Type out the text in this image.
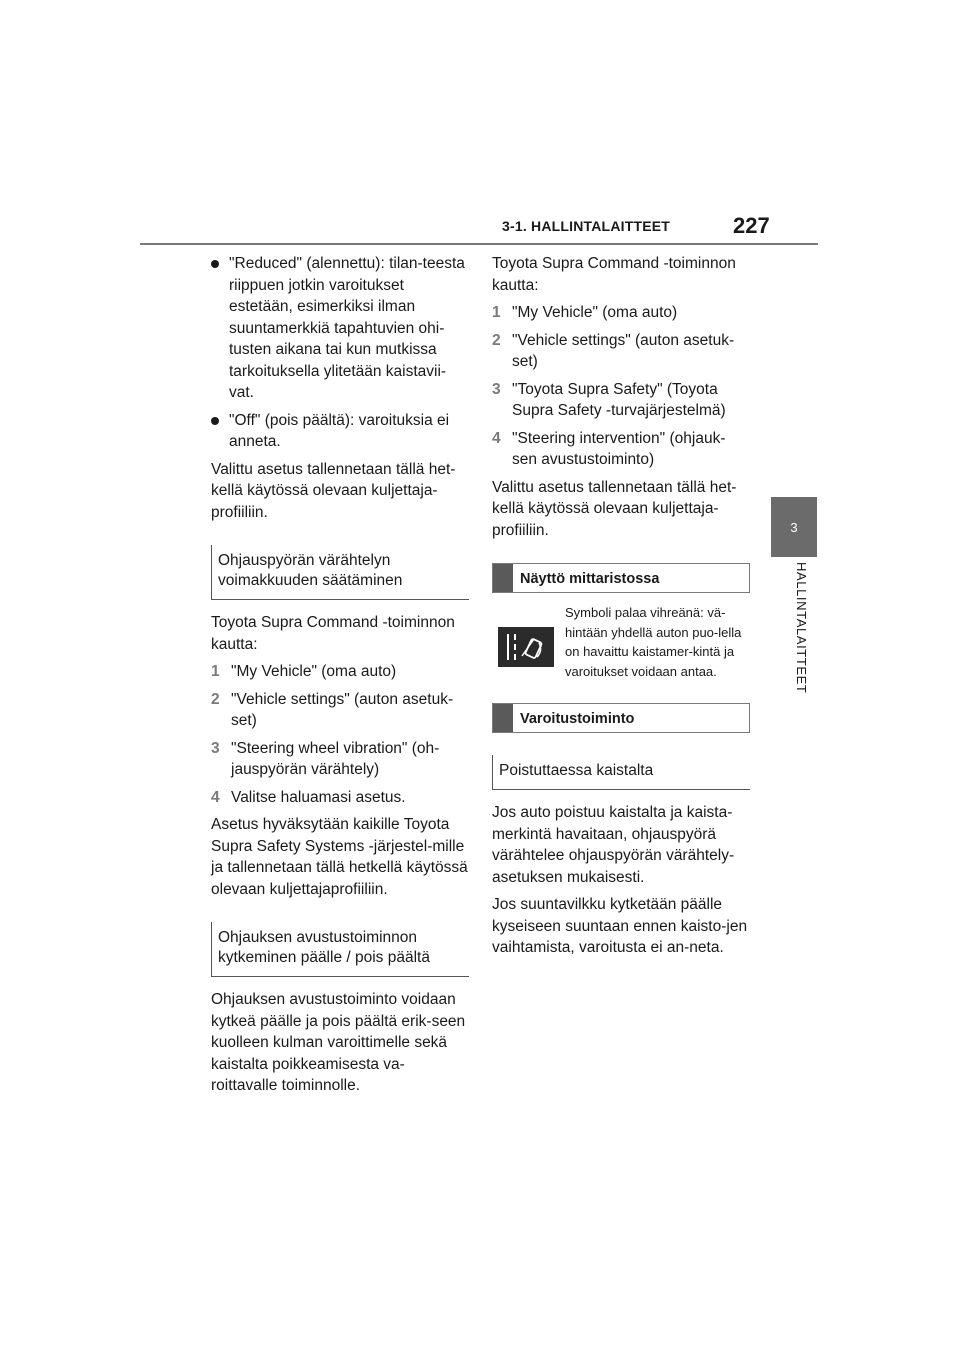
3-1. HALLINTALAITTEET	227
3
HALLINTALAITTEET
"Reduced" (alennettu): tilan-teesta riippuen jotkin varoitukset estetään, esimerkiksi ilman suuntamerkkiä tapahtuvien ohi-tusten aikana tai kun mutkissa tarkoituksella ylitetään kaistavii-vat.
"Off" (pois päältä): varoituksia ei anneta.

Valittu asetus tallennetaan tällä het-kellä käytössä olevaan kuljettaja-profiiliin.

Ohjauspyörän värähtelyn voimakkuuden säätäminen

Toyota Supra Command -toiminnon kautta:

1 "My Vehicle" (oma auto)
2 "Vehicle settings" (auton asetuk-set)
3 "Steering wheel vibration" (oh-jauspyörän värähtely)
4 Valitse haluamasi asetus.

Asetus hyväksytään kaikille Toyota Supra Safety Systems -järjestel-mille ja tallennetaan tällä hetkellä käytössä olevaan kuljettajaprofiiliin.

Ohjauksen avustustoiminnon kytkeminen päälle / pois päältä

Ohjauksen avustustoiminto voidaan kytkeä päälle ja pois päältä erik-seen kuolleen kulman varoittimelle sekä kaistalta poikkeamisesta va-roittavalle toiminnolle.

Toyota Supra Command -toiminnon kautta:

1 "My Vehicle" (oma auto)
2 "Vehicle settings" (auton asetuk-set)
3 "Toyota Supra Safety" (Toyota Supra Safety -turvajärjestelmä)
4 "Steering intervention" (ohjauk-sen avustustoiminto)

Valittu asetus tallennetaan tällä het-kellä käytössä olevaan kuljettaja-profiiliin.

Näyttö mittaristossa
Symboli palaa vihreänä: vä-hintään yhdellä auton puo-lella on havaittu kaistamer-kintä ja varoitukset voidaan antaa.
Varoitustoiminto
Poistuttaessa kaistalta

Jos auto poistuu kaistalta ja kaista-merkintä havaitaan, ohjauspyörä värähtelee ohjauspyörän värähtely-asetuksen mukaisesti.

Jos suuntavilkku kytketään päälle kyseiseen suuntaan ennen kaisto-jen vaihtamista, varoitusta ei an-neta.
